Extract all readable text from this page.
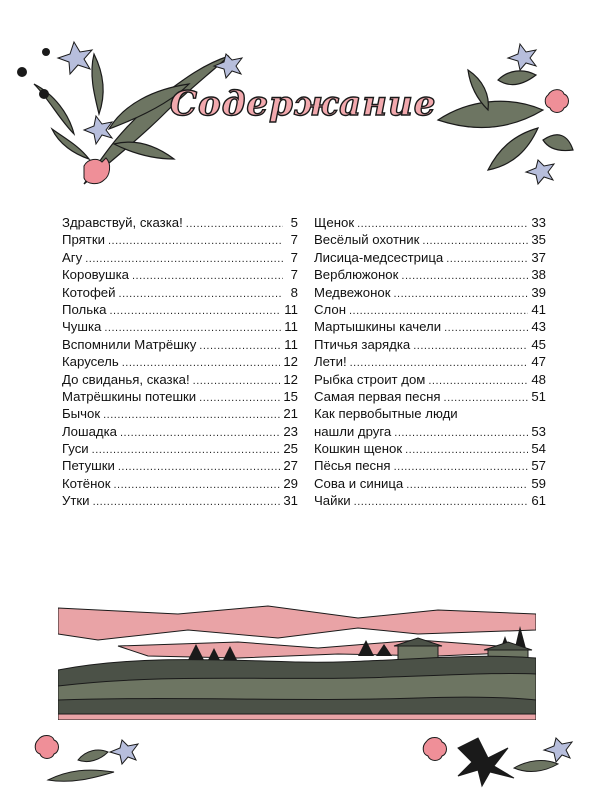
Содержание
Здравствуй, сказка! .....	5
Прятки .....	7
Агу .....	7
Коровушка .....	7
Котофей .....	8
Полька .....	11
Чушка .....	11
Вспомнили Матрёшку .....	11
Карусель .....	12
До свиданья, сказка! .....	12
Матрёшкины потешки .....	15
Бычок .....	21
Лошадка .....	23
Гуси .....	25
Петушки .....	27
Котёнок .....	29
Утки .....	31
Щенок .....	33
Весёлый охотник .....	35
Лисица-медсестрица .....	37
Верблюжонок .....	38
Медвежонок .....	39
Слон .....	41
Мартышкины качели .....	43
Птичья зарядка .....	45
Лети! .....	47
Рыбка строит дом .....	48
Самая первая песня .....	51
Как первобытные люди
нашли друга .....	53
Кошкин щенок .....	54
Пёсья песня .....	57
Сова и синица .....	59
Чайки .....	61
